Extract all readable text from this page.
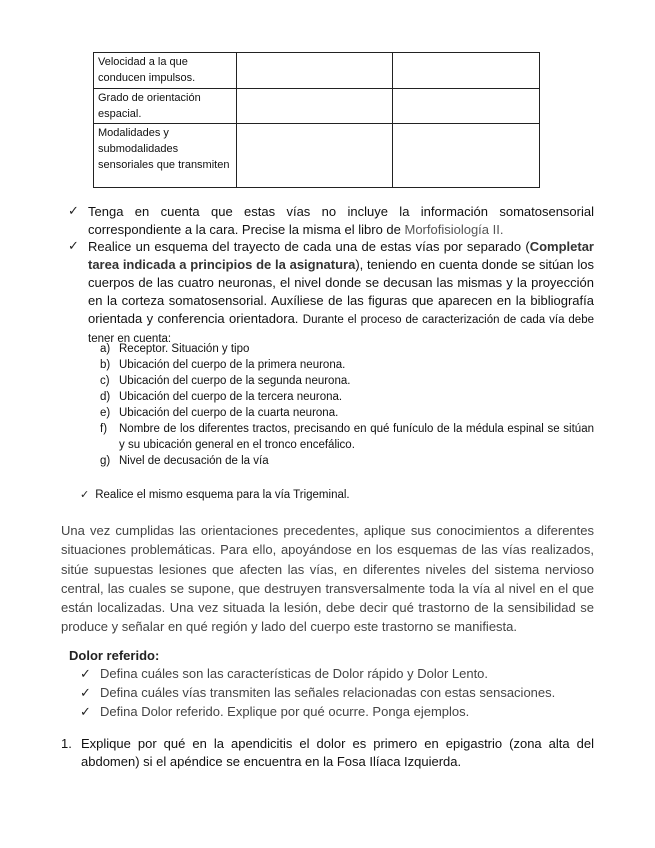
Velocidad a la que conducen impulsos.		
Grado de orientación espacial.		
Modalidades y submodalidades sensoriales que transmiten		
✓ Tenga en cuenta que estas vías no incluye la información somatosensorial correspondiente a la cara. Precise la misma el libro de Morfofisiología II.
✓ Realice un esquema del trayecto de cada una de estas vías por separado (Completar tarea indicada a principios de la asignatura), teniendo en cuenta donde se sitúan los cuerpos de las cuatro neuronas, el nivel donde se decusan las mismas y la proyección en la corteza somatosensorial. Auxíliese de las figuras que aparecen en la bibliografía orientada y conferencia orientadora. Durante el proceso de caracterización de cada vía debe tener en cuenta:
a) Receptor. Situación y tipo
b) Ubicación del cuerpo de la primera neurona.
c) Ubicación del cuerpo de la segunda neurona.
d) Ubicación del cuerpo de la tercera neurona.
e) Ubicación del cuerpo de la cuarta neurona.
f) Nombre de los diferentes tractos, precisando en qué funículo de la médula espinal se sitúan y su ubicación general en el tronco encefálico.
g) Nivel de decusación de la vía
✓ Realice el mismo esquema para la vía Trigeminal.
Una vez cumplidas las orientaciones precedentes, aplique sus conocimientos a diferentes situaciones problemáticas. Para ello, apoyándose en los esquemas de las vías realizados, sitúe supuestas lesiones que afecten las vías, en diferentes niveles del sistema nervioso central, las cuales se supone, que destruyen transversalmente toda la vía al nivel en el que están localizadas. Una vez situada la lesión, debe decir qué trastorno de la sensibilidad se produce y señalar en qué región y lado del cuerpo este trastorno se manifiesta.
Dolor referido:
✓ Defina cuáles son las características de Dolor rápido y Dolor Lento.
✓ Defina cuáles vías transmiten las señales relacionadas con estas sensaciones.
✓ Defina Dolor referido. Explique por qué ocurre. Ponga ejemplos.
1. Explique por qué en la apendicitis el dolor es primero en epigastrio (zona alta del abdomen) si el apéndice se encuentra en la Fosa Ilíaca Izquierda.
